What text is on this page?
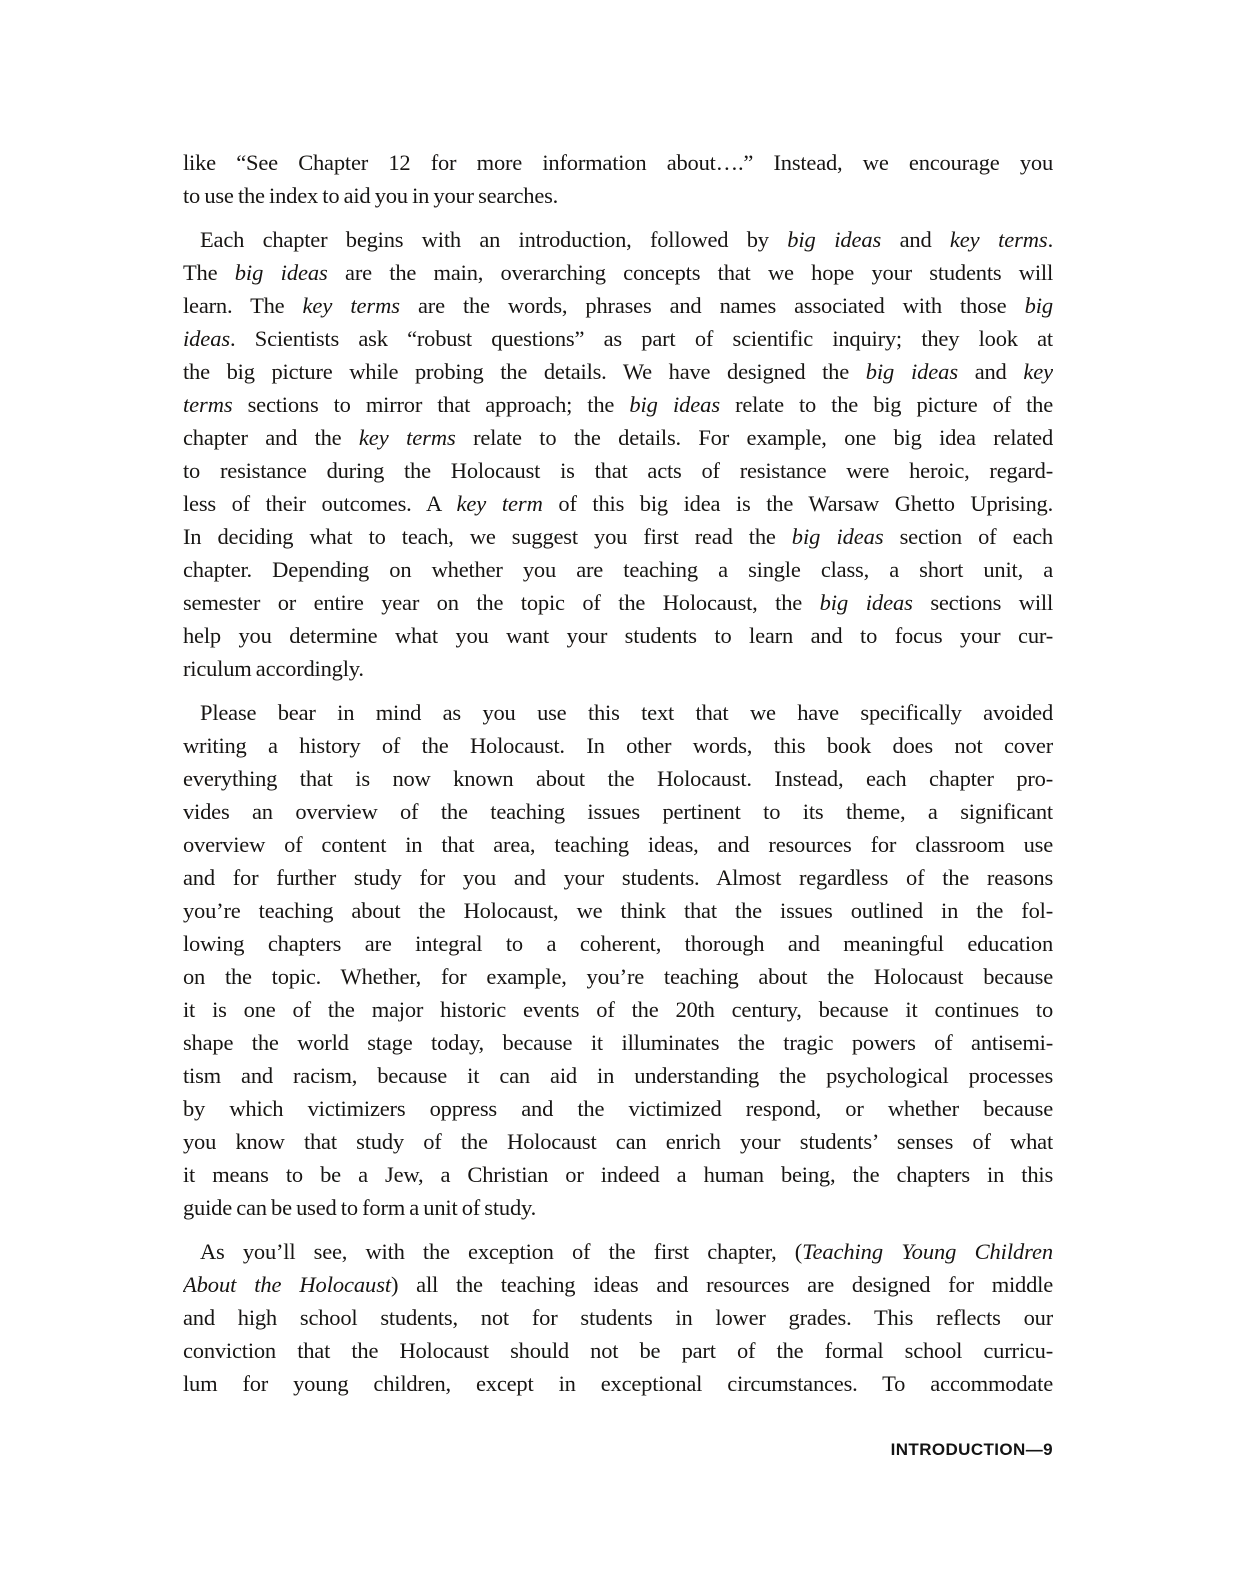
like “See Chapter 12 for more information about….” Instead, we encourage you
to use the index to aid you in your searches.
Each chapter begins with an introduction, followed by big ideas and key terms.
The big ideas are the main, overarching concepts that we hope your students will
learn. The key terms are the words, phrases and names associated with those big
ideas. Scientists ask “robust questions” as part of scientific inquiry; they look at
the big picture while probing the details. We have designed the big ideas and key
terms sections to mirror that approach; the big ideas relate to the big picture of the
chapter and the key terms relate to the details. For example, one big idea related
to resistance during the Holocaust is that acts of resistance were heroic, regard-
less of their outcomes. A key term of this big idea is the Warsaw Ghetto Uprising.
In deciding what to teach, we suggest you first read the big ideas section of each
chapter. Depending on whether you are teaching a single class, a short unit, a
semester or entire year on the topic of the Holocaust, the big ideas sections will
help you determine what you want your students to learn and to focus your cur-
riculum accordingly.
Please bear in mind as you use this text that we have specifically avoided
writing a history of the Holocaust. In other words, this book does not cover
everything that is now known about the Holocaust. Instead, each chapter pro-
vides an overview of the teaching issues pertinent to its theme, a significant
overview of content in that area, teaching ideas, and resources for classroom use
and for further study for you and your students. Almost regardless of the reasons
you’re teaching about the Holocaust, we think that the issues outlined in the fol-
lowing chapters are integral to a coherent, thorough and meaningful education
on the topic. Whether, for example, you’re teaching about the Holocaust because
it is one of the major historic events of the 20th century, because it continues to
shape the world stage today, because it illuminates the tragic powers of antisemi-
tism and racism, because it can aid in understanding the psychological processes
by which victimizers oppress and the victimized respond, or whether because
you know that study of the Holocaust can enrich your students’ senses of what
it means to be a Jew, a Christian or indeed a human being, the chapters in this
guide can be used to form a unit of study.
As you’ll see, with the exception of the first chapter, (Teaching Young Children
About the Holocaust) all the teaching ideas and resources are designed for middle
and high school students, not for students in lower grades. This reflects our
conviction that the Holocaust should not be part of the formal school curricu-
lum for young children, except in exceptional circumstances. To accommodate
INTRODUCTION—9
